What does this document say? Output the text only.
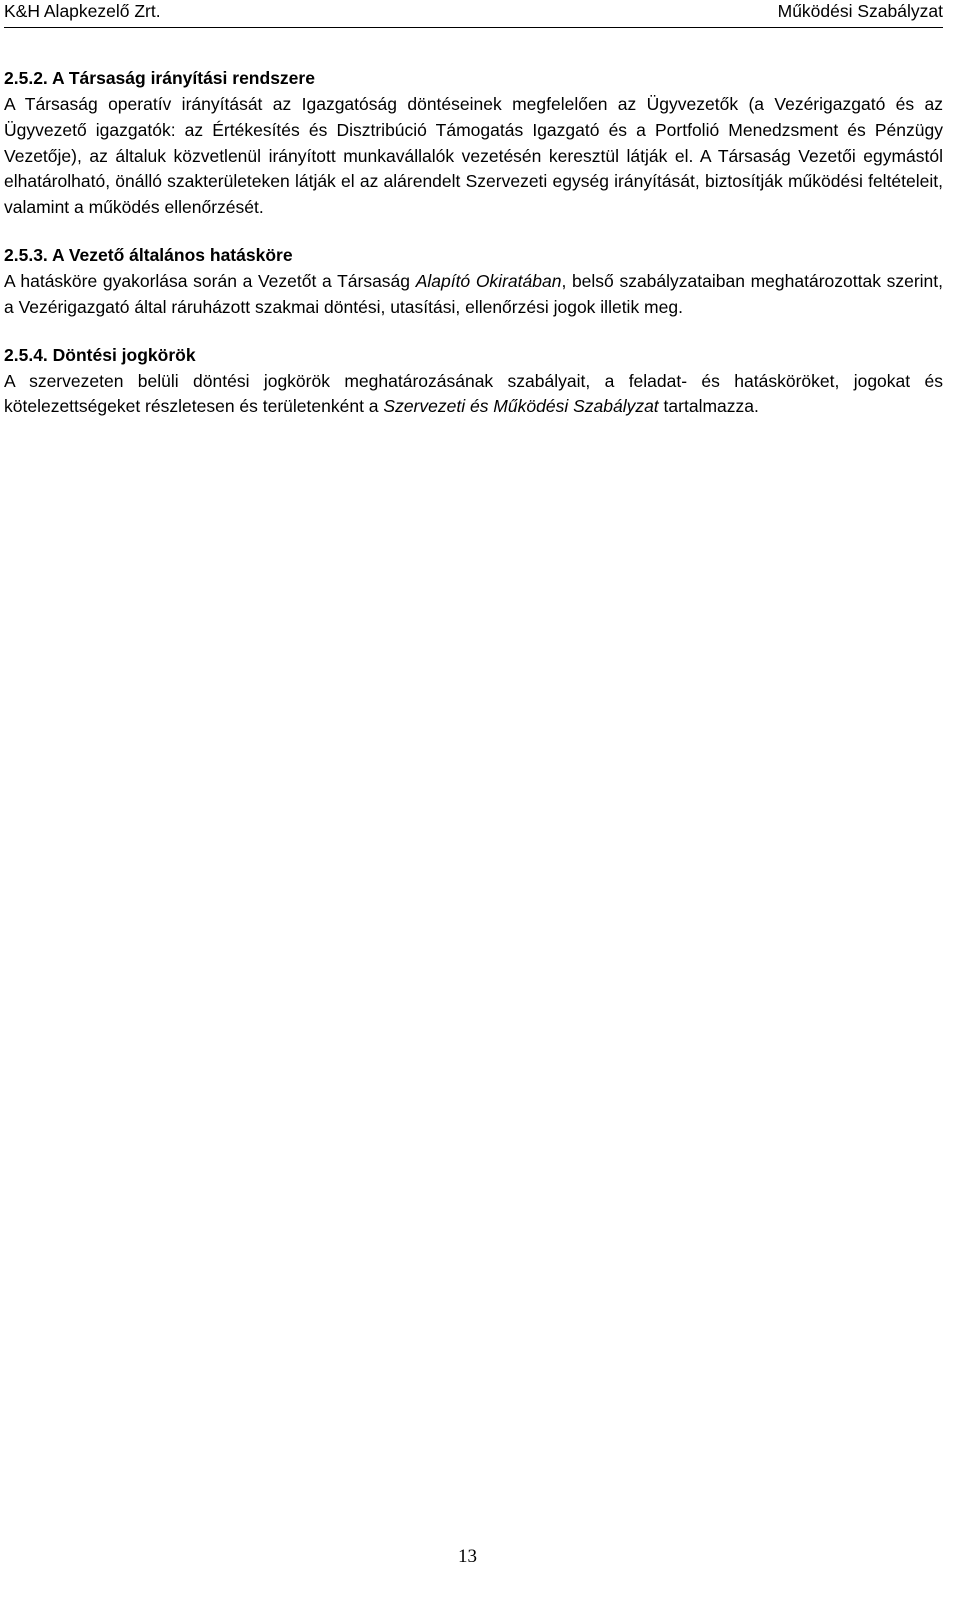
K&H Alapkezelő Zrt.	Működési Szabályzat
2.5.2. A Társaság irányítási rendszere

A Társaság operatív irányítását az Igazgatóság döntéseinek megfelelően az Ügyvezetők (a Vezérigazgató és az Ügyvezető igazgatók: az Értékesítés és Disztribúció Támogatás Igazgató és a Portfolió Menedzsment és Pénzügy Vezetője), az általuk közvetlenül irányított munkavállalók vezetésén keresztül látják el. A Társaság Vezetői egymástól elhatárolható, önálló szakterületeken látják el az alárendelt Szervezeti egység irányítását, biztosítják működési feltételeit, valamint a működés ellenőrzését.

2.5.3. A Vezető általános hatásköre

A hatásköre gyakorlása során a Vezetőt a Társaság Alapító Okiratában, belső szabályzataiban meghatározottak szerint, a Vezérigazgató által ráruházott szakmai döntési, utasítási, ellenőrzési jogok illetik meg.

2.5.4. Döntési jogkörök

A szervezeten belüli döntési jogkörök meghatározásának szabályait, a feladat- és hatásköröket, jogokat és kötelezettségeket részletesen és területenként a Szervezeti és Működési Szabályzat tartalmazza.

13
